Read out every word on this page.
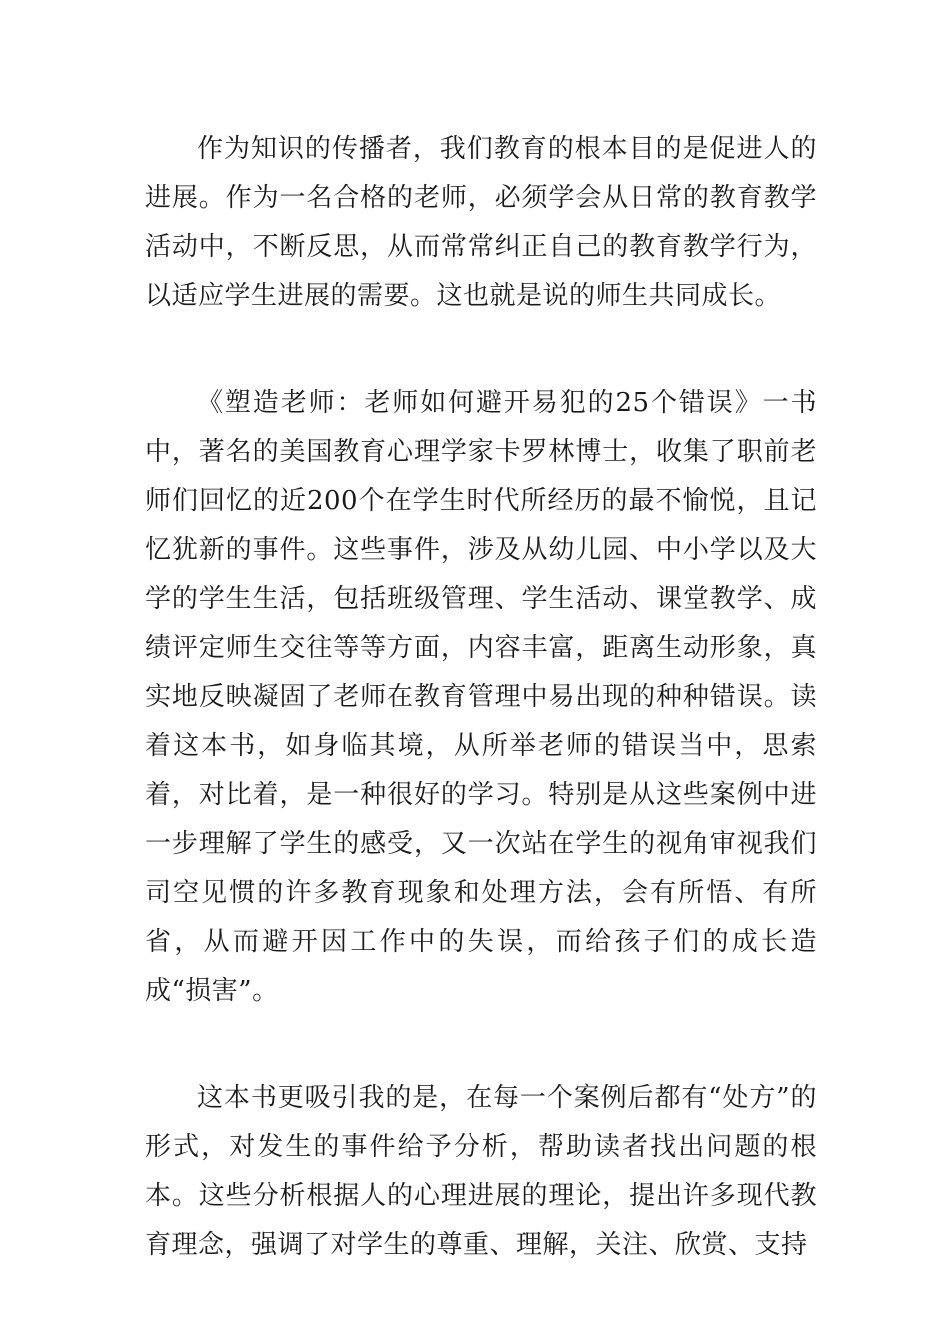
作为知识的传播者，我们教育的根本目的是促进人的进展。作为一名合格的老师，必须学会从日常的教育教学活动中，不断反思，从而常常纠正自己的教育教学行为，以适应学生进展的需要。这也就是说的师生共同成长。

《塑造老师：老师如何避开易犯的25个错误》一书中，著名的美国教育心理学家卡罗林博士，收集了职前老师们回忆的近200个在学生时代所经历的最不愉悦，且记忆犹新的事件。这些事件，涉及从幼儿园、中小学以及大学的学生生活，包括班级管理、学生活动、课堂教学、成绩评定师生交往等等方面，内容丰富，距离生动形象，真实地反映凝固了老师在教育管理中易出现的种种错误。读着这本书，如身临其境，从所举老师的错误当中，思索着，对比着，是一种很好的学习。特别是从这些案例中进一步理解了学生的感受，又一次站在学生的视角审视我们司空见惯的许多教育现象和处理方法，会有所悟、有所省，从而避开因工作中的失误，而给孩子们的成长造成“损害”。

这本书更吸引我的是，在每一个案例后都有“处方”的形式，对发生的事件给予分析，帮助读者找出问题的根本。这些分析根据人的心理进展的理论，提出许多现代教育理念，强调了对学生的尊重、理解，关注、欣赏、支持
